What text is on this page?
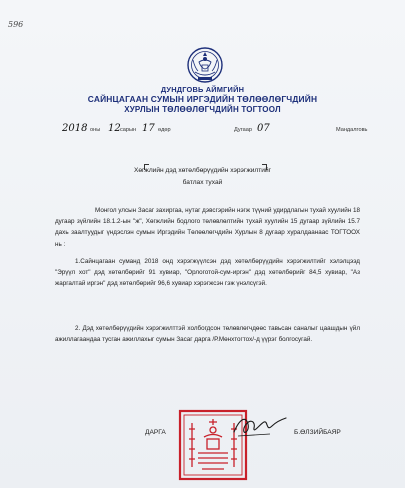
596
ДУНДГОВЬ АЙМГИЙН
САЙНЦАГААН СУМЫН ИРГЭДИЙН ТӨЛӨӨЛӨГЧДИЙН
ХУРЛЫН ТӨЛӨӨЛӨГЧДИЙН ТОГТООЛ
2018 оны 12 сарын 17 өдөр	Дугаар 07	Мандалговь
Хөгжлийн дэд хөтөлбөрүүдийн хэрэгжилтийг
батлах тухай
Монгол улсын Засаг захиргаа, нутаг дэвсгэрийн нэгж түүний удирдлагын тухай хуулийн 18 дугаар зүйлийн 18.1.2-ын "ж", Хөгжлийн бодлого төлөвлөлтийн тухай хуулийн 15 дугаар зүйлийн 15.7 дахь заалтуудыг үндэслэн сумын Иргэдийн Төлөөлөгчдийн Хурлын 8 дугаар хуралдаанаас ТОГТООХ нь :
1.Сайнцагаан суманд 2018 онд хэрэгжүүлсэн дэд хөтөлбөрүүдийн хэрэгжилтийг хэлэлцээд "Эрүүл хот" дэд хөтөлбөрийг 91 хувиар, "Орлоготой-сум-иргэн" дэд хөтөлбөрийг 84,5 хувиар, "Аз жаргалтай иргэн" дэд хөтөлбөрийг 96,6 хувиар хэрэгжсэн гэж үнэлсүгэй.
2. Дэд хөтөлбөрүүдийн хэрэгжилттэй холбогдсон төлөвлөгчдөөс тавьсан саналыг цаашдын үйл ажиллагаандаа тусган ажиллахыг сумын Засаг дарга /Р.Мөнхтогтох/-д үүрэг болгосугай.
ДАРГА	Б.ӨЛЗИЙБАЯР
